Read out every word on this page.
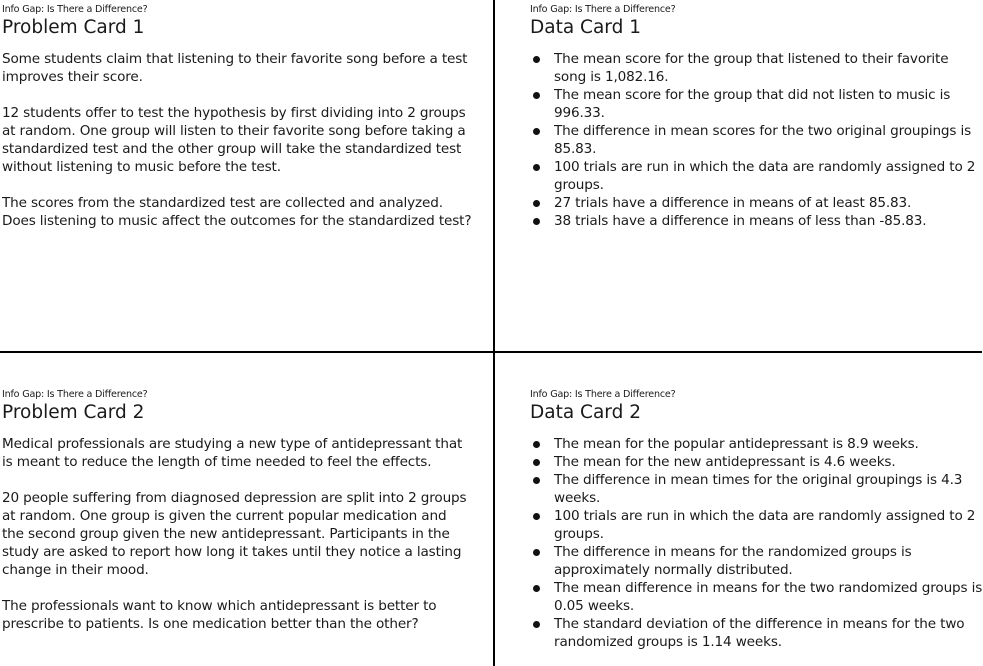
Info Gap: Is There a Difference?
Problem Card 1

Some students claim that listening to their favorite song before a test improves their score.

12 students offer to test the hypothesis by first dividing into 2 groups at random. One group will listen to their favorite song before taking a standardized test and the other group will take the standardized test without listening to music before the test.

The scores from the standardized test are collected and analyzed. Does listening to music affect the outcomes for the standardized test?

Info Gap: Is There a Difference?
Data Card 1
The mean score for the group that listened to their favorite song is 1,082.16.
The mean score for the group that did not listen to music is 996.33.
The difference in mean scores for the two original groupings is 85.83.
100 trials are run in which the data are randomly assigned to 2 groups.
27 trials have a difference in means of at least 85.83.
38 trials have a difference in means of less than -85.83.
Info Gap: Is There a Difference?
Problem Card 2

Medical professionals are studying a new type of antidepressant that is meant to reduce the length of time needed to feel the effects.

20 people suffering from diagnosed depression are split into 2 groups at random. One group is given the current popular medication and the second group given the new antidepressant. Participants in the study are asked to report how long it takes until they notice a lasting change in their mood.

The professionals want to know which antidepressant is better to prescribe to patients. Is one medication better than the other?

Info Gap: Is There a Difference?
Data Card 2
The mean for the popular antidepressant is 8.9 weeks.
The mean for the new antidepressant is 4.6 weeks.
The difference in mean times for the original groupings is 4.3 weeks.
100 trials are run in which the data are randomly assigned to 2 groups.
The difference in means for the randomized groups is approximately normally distributed.
The mean difference in means for the two randomized groups is 0.05 weeks.
The standard deviation of the difference in means for the two randomized groups is 1.14 weeks.
